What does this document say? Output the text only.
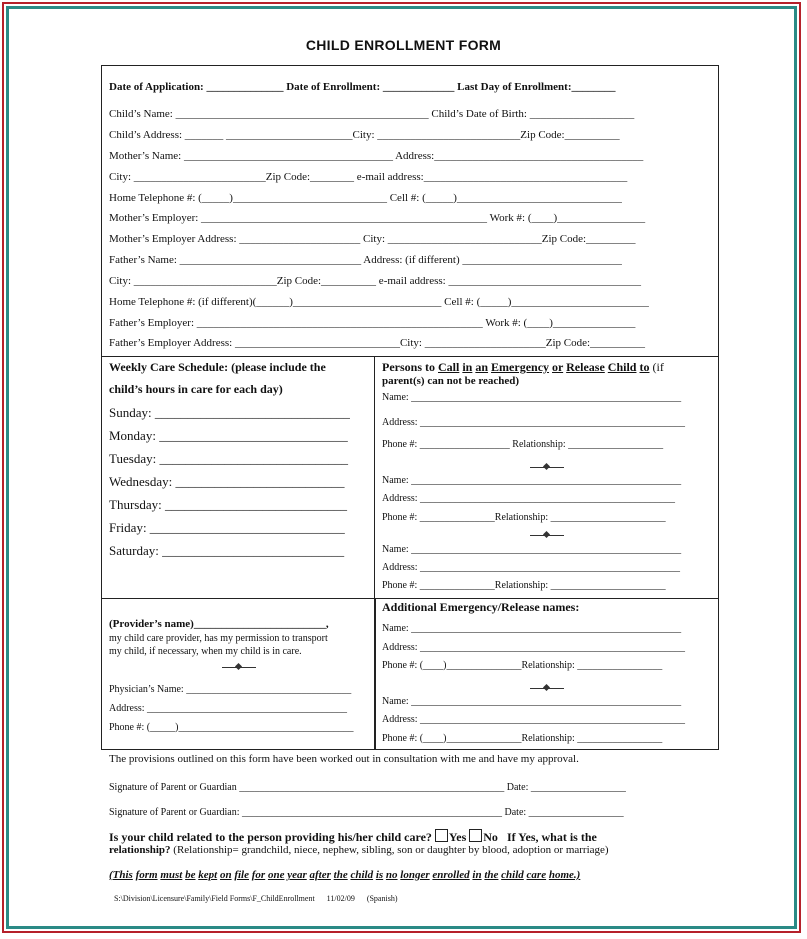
CHILD ENROLLMENT FORM
Date of Application: ______________ Date of Enrollment: _____________ Last Day of Enrollment:________
Child’s Name: ______________________________________________ Child’s Date of Birth: ___________________
Child’s Address: _______ _______________________City: __________________________Zip Code:__________
Mother’s Name: ______________________________________ Address:______________________________________
City: ________________________Zip Code:________ e-mail address:_____________________________________
Home Telephone #: (_____)____________________________ Cell #: (_____)______________________________
Mother’s Employer: ____________________________________________________ Work #: (____)________________
Mother’s Employer Address: ______________________ City: ____________________________Zip Code:_________
Father’s Name: _________________________________ Address: (if different) _____________________________
City: __________________________Zip Code:__________ e-mail address: ___________________________________
Home Telephone #: (if different)(______)___________________________ Cell #: (_____)_________________________
Father’s Employer: ____________________________________________________ Work #: (____)_______________
Father’s Employer Address: ______________________________City: ______________________Zip Code:__________
Weekly Care Schedule: (please include the
child’s hours in care for each day)
Sunday: ______________________________
Monday: _____________________________
Tuesday: _____________________________
Wednesday: __________________________
Thursday: ____________________________
Friday: ______________________________
Saturday: ____________________________
Persons to Call in an Emergency or Release Child to (if
parent(s) can not be reached)
Name: ______________________________________________________
Address: _____________________________________________________
Phone #: __________________ Relationship: ___________________
Name: ______________________________________________________
Address: ___________________________________________________
Phone #: _______________Relationship: _______________________
Name: ______________________________________________________
Address: ____________________________________________________
Phone #: _______________Relationship: _______________________
(Provider’s name)________________________,
my child care provider, has my permission to transport
my child, if necessary, when my child is in care.
Physician’s Name: _________________________________
Address: ________________________________________
Phone #: (_____)___________________________________
Additional Emergency/Release names:
Name: ______________________________________________________
Address: _____________________________________________________
Phone #: (____)_______________Relationship: _________________
Name: ______________________________________________________
Address: _____________________________________________________
Phone #: (____)_______________Relationship: _________________
The provisions outlined on this form have been worked out in consultation with me and have my approval.
Signature of Parent or Guardian _____________________________________________________ Date: ___________________
Signature of Parent or Guardian: ____________________________________________________ Date: ___________________
Is your child related to the person providing his/her child care? Yes No If Yes, what is the
relationship? (Relationship= grandchild, niece, nephew, sibling, son or daughter by blood, adoption or marriage)
(This form must be kept on file for one year after the child is no longer enrolled in the child care home.)
S:\Division\Licensure\Family\Field Forms\F_ChildEnrollment      11/02/09      (Spanish)
